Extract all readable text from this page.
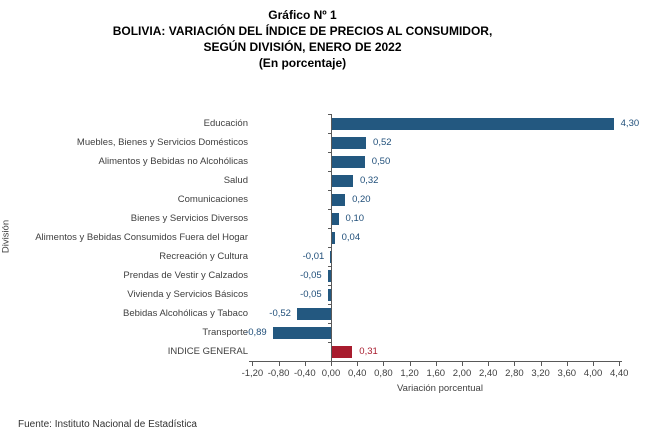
Gráfico Nº 1
BOLIVIA: VARIACIÓN DEL ÍNDICE DE PRECIOS AL CONSUMIDOR,
SEGÚN DIVISIÓN, ENERO DE 2022
(En porcentaje)
-1,20 -0,80 -0,40 0,00 0,40 0,80 1,20 1,60 2,00 2,40 2,80 3,20 3,60 4,00 4,40
Educación	4,30
Muebles, Bienes y Servicios Domésticos	0,52
Alimentos y Bebidas no Alcohólicas	0,50
Salud	0,32
Comunicaciones	0,20
Bienes y Servicios Diversos	0,10
Alimentos y Bebidas Consumidos Fuera del Hogar	0,04
Recreación y Cultura	-0,01
Prendas de Vestir y Calzados	-0,05
Vivienda y Servicios Básicos	-0,05
Bebidas Alcohólicas y Tabaco	-0,52
Transporte
-0,89
INDICE GENERAL	0,31
División
Variación porcentual
Fuente: Instituto Nacional de Estadística
